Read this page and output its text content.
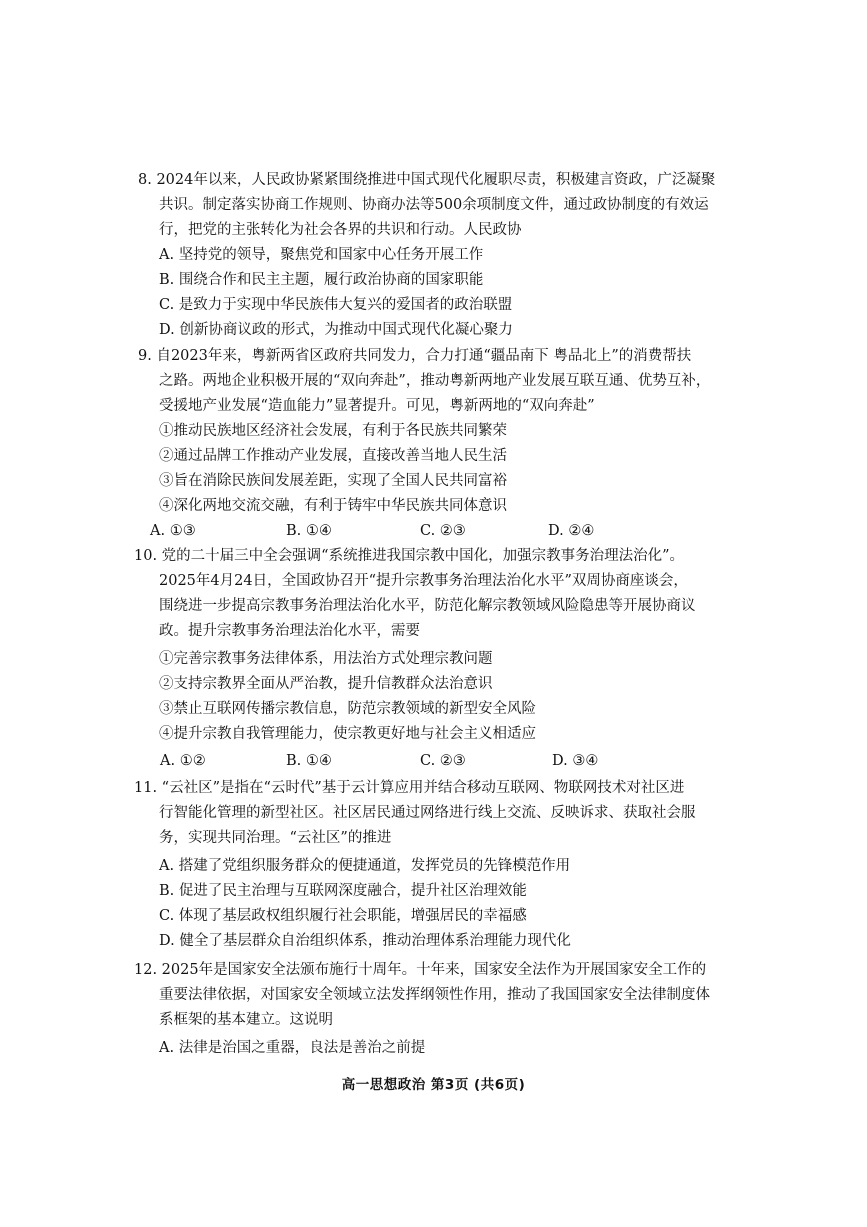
8. 2024年以来，人民政协紧紧围绕推进中国式现代化履职尽责，积极建言资政，广泛凝聚
共识。制定落实协商工作规则、协商办法等500余项制度文件，通过政协制度的有效运
行，把党的主张转化为社会各界的共识和行动。人民政协
A. 坚持党的领导，聚焦党和国家中心任务开展工作
B. 围绕合作和民主主题，履行政治协商的国家职能
C. 是致力于实现中华民族伟大复兴的爱国者的政治联盟
D. 创新协商议政的形式，为推动中国式现代化凝心聚力
9. 自2023年来，粤新两省区政府共同发力，合力打通“疆品南下 粤品北上”的消费帮扶
之路。两地企业积极开展的“双向奔赴”，推动粤新两地产业发展互联互通、优势互补，
受援地产业发展“造血能力”显著提升。可见，粤新两地的“双向奔赴”
①推动民族地区经济社会发展，有利于各民族共同繁荣
②通过品牌工作推动产业发展，直接改善当地人民生活
③旨在消除民族间发展差距，实现了全国人民共同富裕
④深化两地交流交融，有利于铸牢中华民族共同体意识
A. ①③	B. ①④	C. ②③	D. ②④
10. 党的二十届三中全会强调“系统推进我国宗教中国化，加强宗教事务治理法治化”。
2025年4月24日，全国政协召开“提升宗教事务治理法治化水平”双周协商座谈会，
围绕进一步提高宗教事务治理法治化水平，防范化解宗教领域风险隐患等开展协商议
政。提升宗教事务治理法治化水平，需要
①完善宗教事务法律体系，用法治方式处理宗教问题
②支持宗教界全面从严治教，提升信教群众法治意识
③禁止互联网传播宗教信息，防范宗教领域的新型安全风险
④提升宗教自我管理能力，使宗教更好地与社会主义相适应
A. ①②	B. ①④	C. ②③	D. ③④
11. “云社区”是指在“云时代”基于云计算应用并结合移动互联网、物联网技术对社区进
行智能化管理的新型社区。社区居民通过网络进行线上交流、反映诉求、获取社会服
务，实现共同治理。“云社区”的推进
A. 搭建了党组织服务群众的便捷通道，发挥党员的先锋模范作用
B. 促进了民主治理与互联网深度融合，提升社区治理效能
C. 体现了基层政权组织履行社会职能，增强居民的幸福感
D. 健全了基层群众自治组织体系，推动治理体系治理能力现代化
12. 2025年是国家安全法颁布施行十周年。十年来，国家安全法作为开展国家安全工作的
重要法律依据，对国家安全领域立法发挥纲领性作用，推动了我国国家安全法律制度体
系框架的基本建立。这说明
A. 法律是治国之重器，良法是善治之前提
高一思想政治 第3页 (共6页)
